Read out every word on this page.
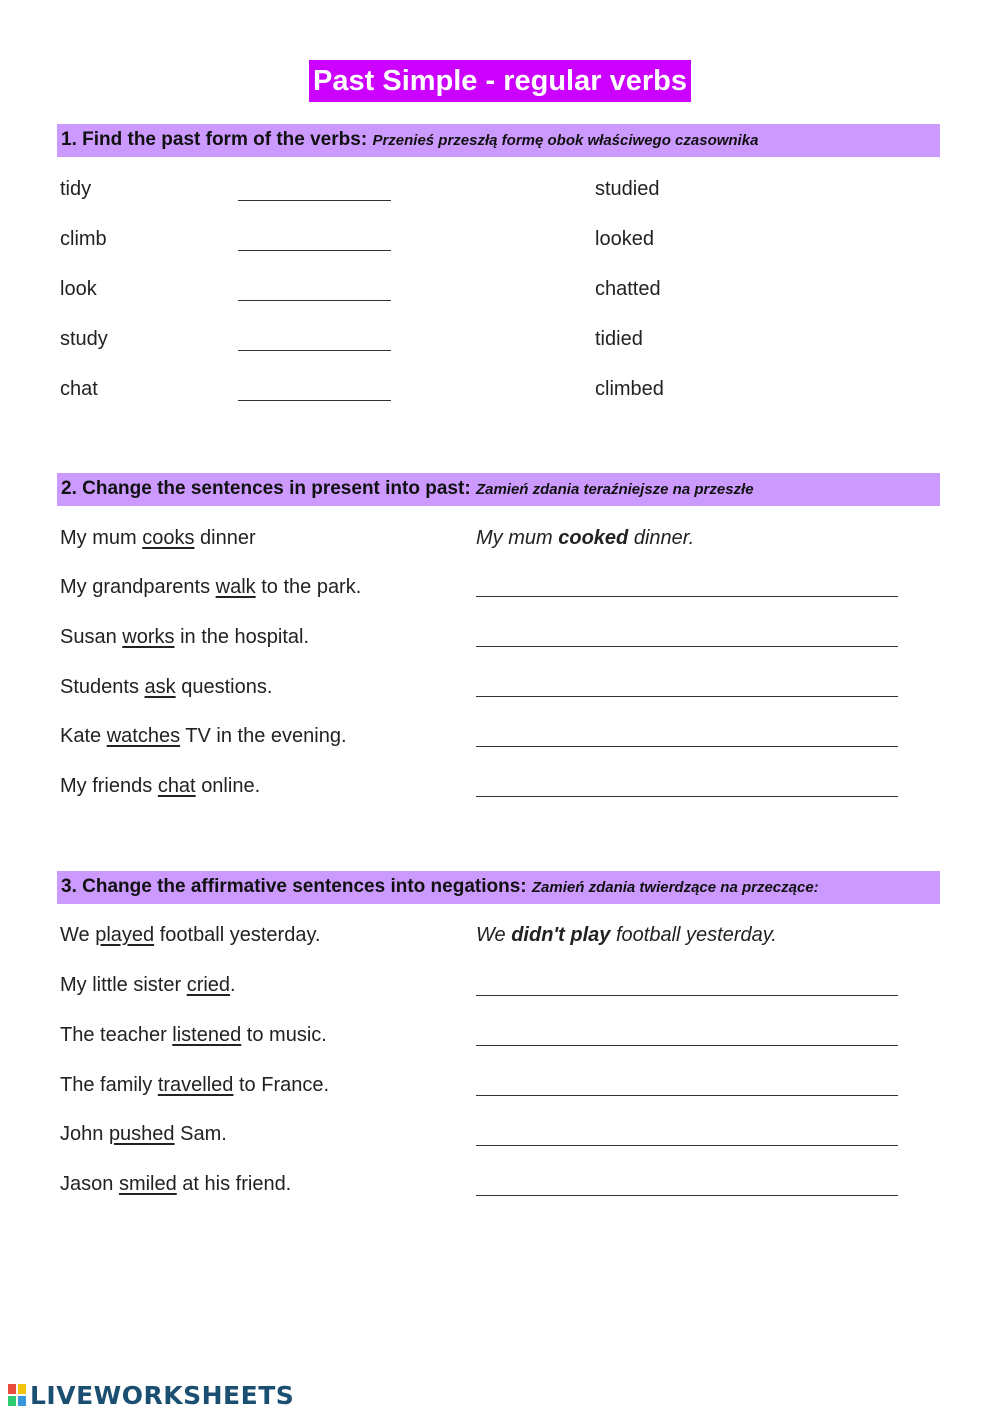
Past Simple - regular verbs
1. Find the past form of the verbs: Przenieś przeszłą formę obok właściwego czasownika
tidy	studied
climb	looked
look	chatted
study	tidied
chat	climbed
2. Change the sentences in present into past: Zamień zdania teraźniejsze na przeszłe
My mum cooks dinner	My mum cooked dinner.
My grandparents walk to the park.
Susan works in the hospital.
Students ask questions.
Kate watches TV in the evening.
My friends chat online.
3. Change the affirmative sentences into negations: Zamień zdania twierdzące na przeczące:
We played football yesterday.	We didn't play football yesterday.
My little sister cried.
The teacher listened to music.
The family travelled to France.
John pushed Sam.
Jason smiled at his friend.
LIVEWORKSHEETS
